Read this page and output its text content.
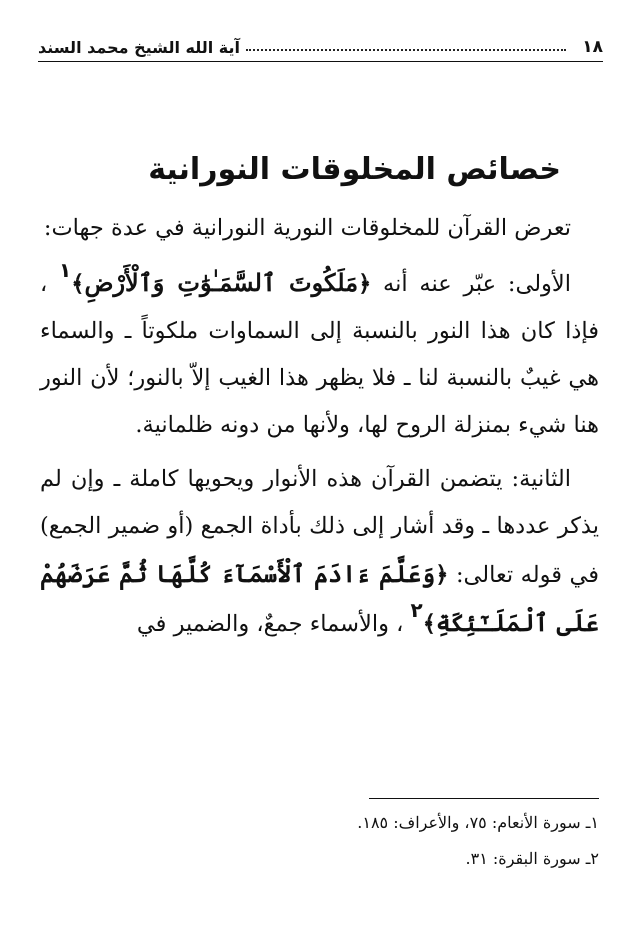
١٨
آية الله الشيخ محمد السند
خصائص المخلوقات النورانية

تعرض القرآن للمخلوقات النورية النورانية في عدة جهات:

الأولى: عبّر عنه أنه ﴿مَلَكُوتَ ٱلسَّمَـٰوَٰتِ وَٱلْأَرْضِ﴾$^١$ ، فإذا كان هذا النور بالنسبة إلى السماوات ملكوتاً ـ والسماء هي غيبٌ بالنسبة لنا ـ فلا يظهر هذا الغيب إلاّ بالنور؛ لأن النور هنا شيء بمنزلة الروح لها، ولأنها من دونه ظلمانية.

الثانية: يتضمن القرآن هذه الأنوار ويحويها كاملة ـ وإن لم يذكر عددها ـ وقد أشار إلى ذلك بأداة الجمع (أو ضمير الجمع) في قوله تعالى: ﴿وَعَلَّمَ ءَادَمَ ٱلْأَسْمَآءَ كُلَّهَا ثُمَّ عَرَضَهُمْ عَلَى ٱلْمَلَـٰٓئِكَةِ﴾$^٢$ ، والأسماء جمعٌ، والضمير في

١ـ سورة الأنعام: ٧٥، والأعراف: ١٨٥.
٢ـ سورة البقرة: ٣١.
